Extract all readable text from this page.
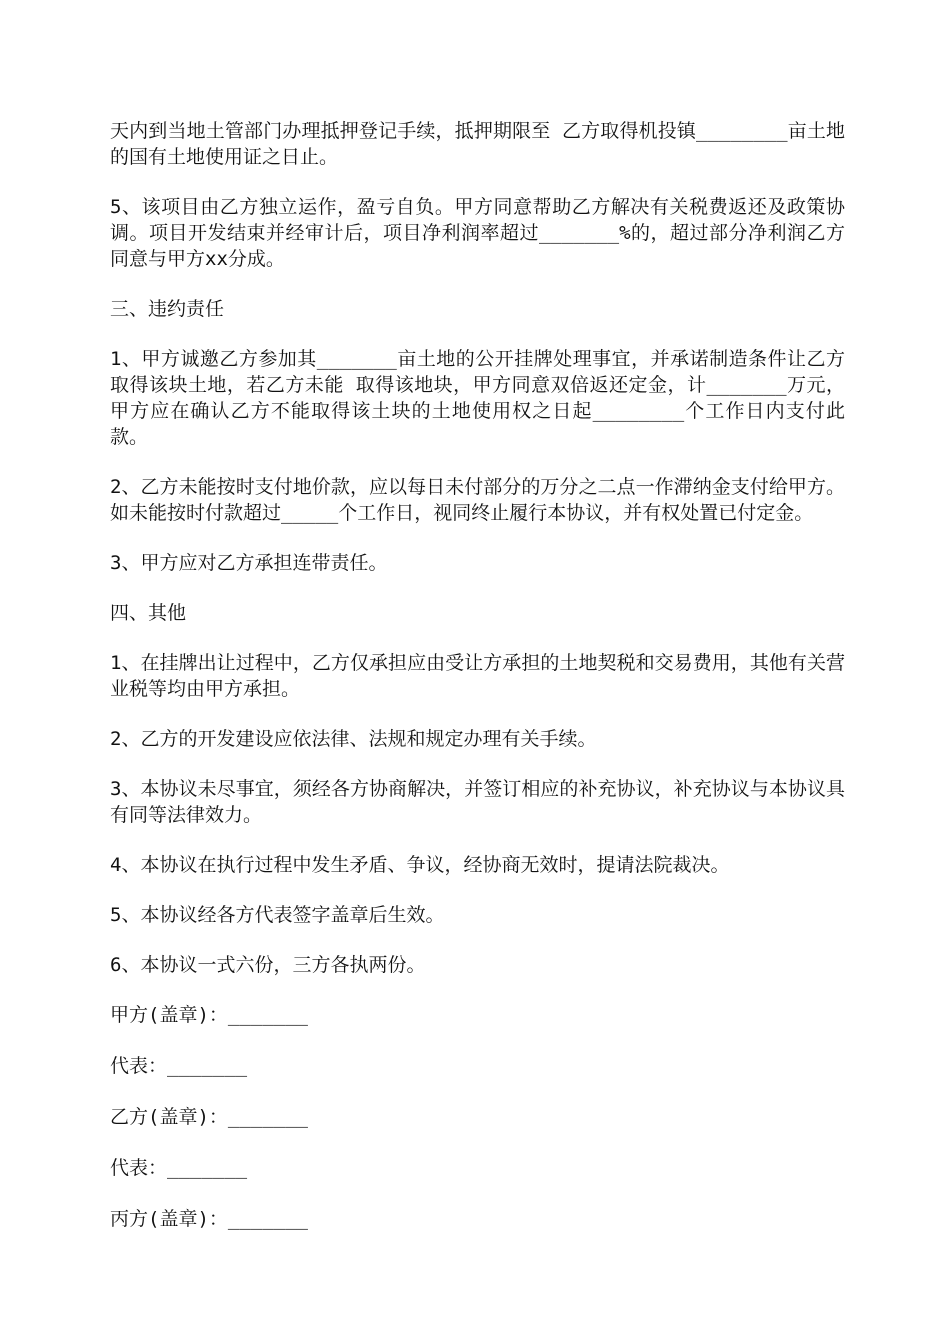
天内到当地土管部门办理抵押登记手续，抵押期限至 乙方取得机投镇________亩土地的国有土地使用证之日止。

5、该项目由乙方独立运作，盈亏自负。甲方同意帮助乙方解决有关税费返还及政策协调。项目开发结束并经审计后，项目净利润率超过_______%的，超过部分净利润乙方同意与甲方xx分成。

三、违约责任

1、甲方诚邀乙方参加其_______亩土地的公开挂牌处理事宜，并承诺制造条件让乙方取得该块土地，若乙方未能 取得该地块，甲方同意双倍返还定金，计_______万元，甲方应在确认乙方不能取得该土块的土地使用权之日起________个工作日内支付此款。

2、乙方未能按时支付地价款，应以每日未付部分的万分之二点一作滞纳金支付给甲方。如未能按时付款超过_____个工作日，视同终止履行本协议，并有权处置已付定金。

3、甲方应对乙方承担连带责任。

四、其他

1、在挂牌出让过程中，乙方仅承担应由受让方承担的土地契税和交易费用，其他有关营业税等均由甲方承担。

2、乙方的开发建设应依法律、法规和规定办理有关手续。

3、本协议未尽事宜，须经各方协商解决，并签订相应的补充协议，补充协议与本协议具有同等法律效力。

4、本协议在执行过程中发生矛盾、争议，经协商无效时，提请法院裁决。

5、本协议经各方代表签字盖章后生效。

6、本协议一式六份，三方各执两份。

甲方(盖章)：_______

代表：_______

乙方(盖章)：_______

代表：_______

丙方(盖章)：_______
